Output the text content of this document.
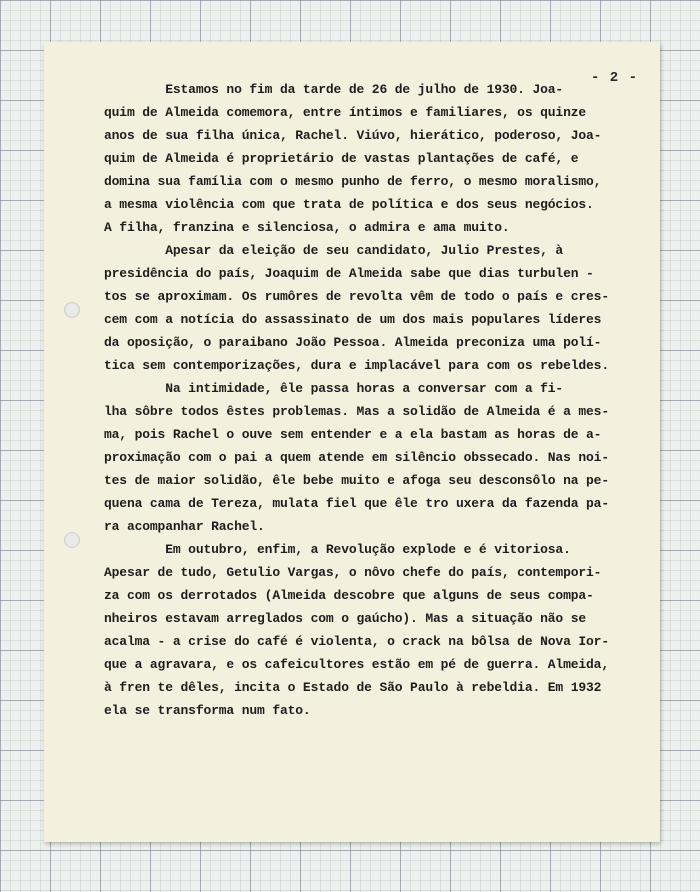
- 2 -
Estamos no fim da tarde de 26 de julho de 1930. Joa-
quim de Almeida comemora, entre íntimos e familiares, os quinze
anos de sua filha única, Rachel. Viúvo, hierático, poderoso, Joa-
quim de Almeida é proprietário de vastas plantações de café, e
domina sua família com o mesmo punho de ferro, o mesmo moralismo,
a mesma violência com que trata de política e dos seus negócios.
A filha, franzina e silenciosa, o admira e ama muito.
Apesar da eleição de seu candidato, Julio Prestes, à
presidência do país, Joaquim de Almeida sabe que dias turbulen -
tos se aproximam. Os rumôres de revolta vêm de todo o país e cres-
cem com a notícia do assassinato de um dos mais populares líderes
da oposição, o paraibano João Pessoa. Almeida preconiza uma polí-
tica sem contemporizações, dura e implacável para com os rebeldes.
Na intimidade, êle passa horas a conversar com a fi-
lha sôbre todos êstes problemas. Mas a solidão de Almeida é a mes-
ma, pois Rachel o ouve sem entender e a ela bastam as horas de a-
proximação com o pai a quem atende em silêncio obssecado. Nas noi-
tes de maior solidão, êle bebe muito e afoga seu desconsôlo na pe-
quena cama de Tereza, mulata fiel que êle tro uxera da fazenda pa-
ra acompanhar Rachel.
Em outubro, enfim, a Revolução explode e é vitoriosa.
Apesar de tudo, Getulio Vargas, o nôvo chefe do país, contempori-
za com os derrotados (Almeida descobre que alguns de seus compa-
nheiros estavam arreglados com o gaúcho). Mas a situação não se
acalma - a crise do café é violenta, o crack na bôlsa de Nova Ior-
que a agravara, e os cafeicultores estão em pé de guerra. Almeida,
à fren te dêles, incita o Estado de São Paulo à rebeldia. Em 1932
ela se transforma num fato.
